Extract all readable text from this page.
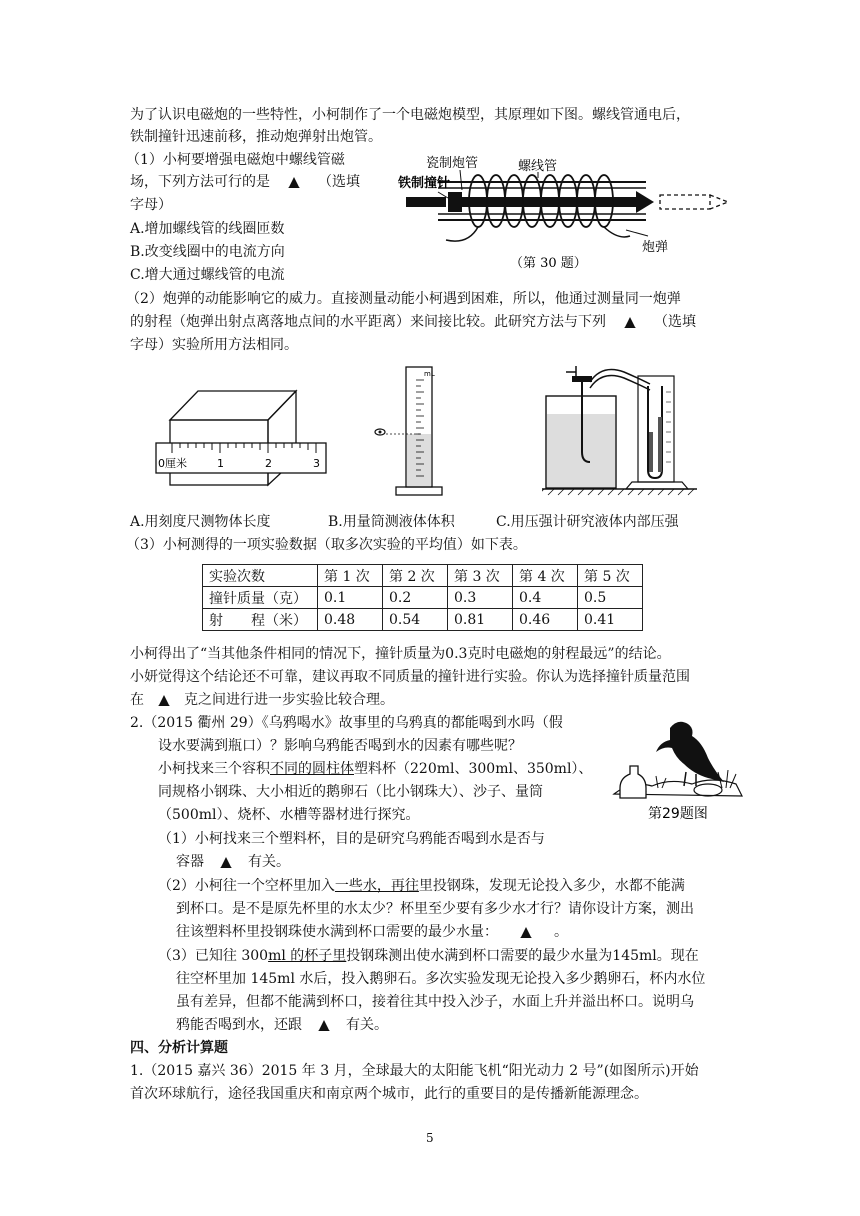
为了认识电磁炮的一些特性，小柯制作了一个电磁炮模型，其原理如下图。螺线管通电后，
铁制撞针迅速前移，推动炮弹射出炮管。
（1）小柯要增强电磁炮中螺线管磁
场，下列方法可行的是 ▲ （选填
字母）
A.增加螺线管的线圈匝数
B.改变线圈中的电流方向
C.增大通过螺线管的电流
瓷制炮管
铁制撞针
螺线管
炮弹
（第 30 题）
（2）炮弹的动能影响它的威力。直接测量动能小柯遇到困难，所以，他通过测量同一炮弹
的射程（炮弹出射点离落地点间的水平距离）来间接比较。此研究方法与下列 ▲ （选填
字母）实验所用方法相同。
0厘米	1	2	3
mL
A.用刻度尺测物体长度	B.用量筒测液体体积	C.用压强计研究液体内部压强
（3）小柯测得的一项实验数据（取多次实验的平均值）如下表。
实验次数	第 1 次	第 2 次	第 3 次	第 4 次	第 5 次
撞针质量（克）	0.1	0.2	0.3	0.4	0.5
射　　程（米）	0.48	0.54	0.81	0.46	0.41
小柯得出了“当其他条件相同的情况下，撞针质量为0.3克时电磁炮的射程最远”的结论。
小妍觉得这个结论还不可靠，建议再取不同质量的撞针进行实验。你认为选择撞针质量范围
在 ▲ 克之间进行进一步实验比较合理。
2.（2015 衢州 29）《乌鸦喝水》故事里的乌鸦真的都能喝到水吗（假
设水要满到瓶口）？影响乌鸦能否喝到水的因素有哪些呢？
小柯找来三个容积不同的圆柱体塑料杯（220ml、300ml、350ml）、
同规格小钢珠、大小相近的鹅卵石（比小钢珠大）、沙子、量筒
（500ml）、烧杯、水槽等器材进行探究。	第29题图
（1）小柯找来三个塑料杯，目的是研究乌鸦能否喝到水是否与
容器 ▲ 有关。
（2）小柯往一个空杯里加入一些水，再往里投钢珠，发现无论投入多少，水都不能满
到杯口。是不是原先杯里的水太少？杯里至少要有多少水才行？请你设计方案，测出
往该塑料杯里投钢珠使水满到杯口需要的最少水量： ▲ 。
（3）已知往 300ml 的杯子里投钢珠测出使水满到杯口需要的最少水量为145ml。现在
往空杯里加 145ml 水后，投入鹅卵石。多次实验发现无论投入多少鹅卵石，杯内水位
虽有差异，但都不能满到杯口，接着往其中投入沙子，水面上升并溢出杯口。说明乌
鸦能否喝到水，还跟 ▲ 有关。
四、分析计算题
1.（2015 嘉兴 36）2015 年 3 月，全球最大的太阳能飞机“阳光动力 2 号”(如图所示)开始
首次环球航行，途径我国重庆和南京两个城市，此行的重要目的是传播新能源理念。
5
